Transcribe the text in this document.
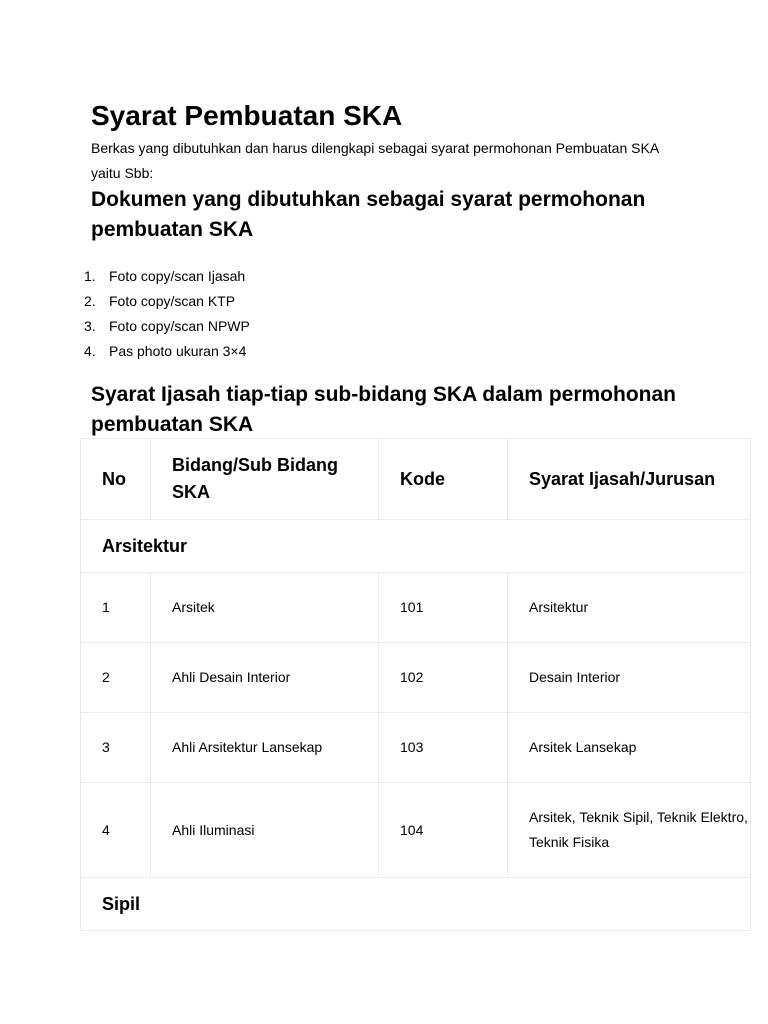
Syarat Pembuatan SKA

Berkas yang dibutuhkan dan harus dilengkapi sebagai syarat permohonan Pembuatan SKA yaitu Sbb:

Dokumen yang dibutuhkan sebagai syarat permohonan pembuatan SKA
1. Foto copy/scan Ijasah
2. Foto copy/scan KTP
3. Foto copy/scan NPWP
4. Pas photo ukuran 3×4
Syarat Ijasah tiap-tiap sub-bidang SKA dalam permohonan pembuatan SKA
No	Bidang/Sub Bidang SKA	Kode	Syarat Ijasah/Jurusan
Arsitektur			
1	Arsitek	101	Arsitektur
2	Ahli Desain Interior	102	Desain Interior
3	Ahli Arsitektur Lansekap	103	Arsitek Lansekap
4	Ahli Iluminasi	104	Arsitek, Teknik Sipil, Teknik Elektro, Teknik Fisika
Sipil			
